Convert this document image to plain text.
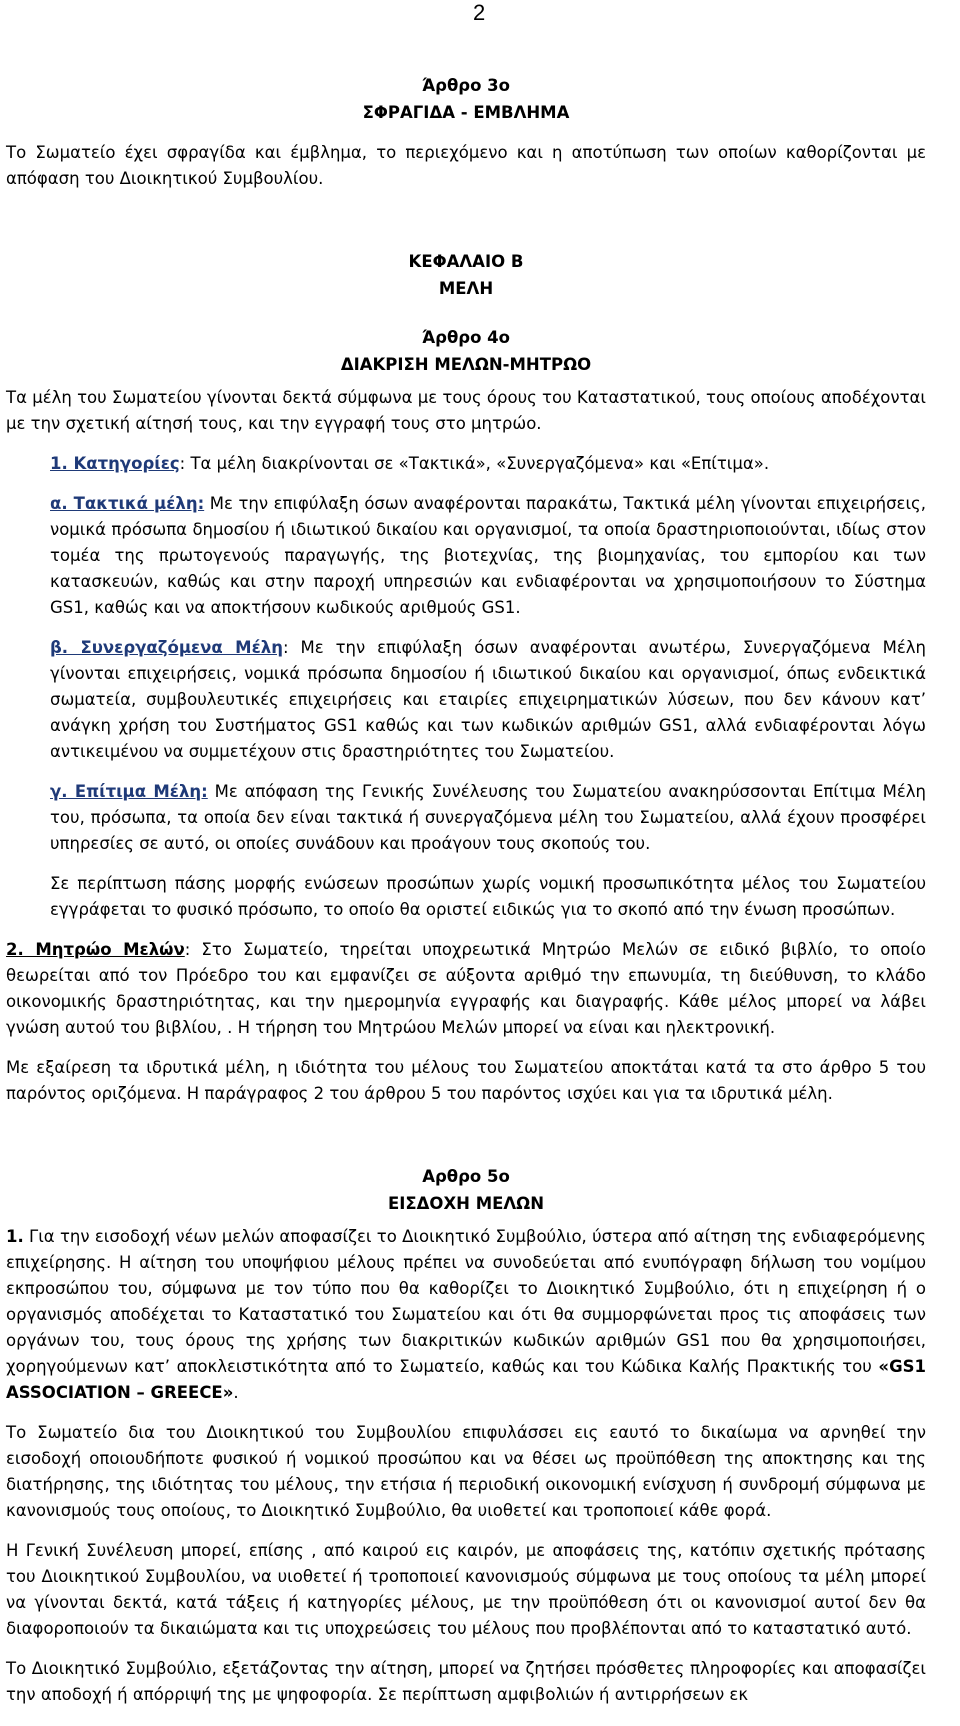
2
Άρθρο 3ο
ΣΦΡΑΓΙΔΑ - ΕΜΒΛΗΜΑ

Το Σωματείο έχει σφραγίδα και έμβλημα, το περιεχόμενο και η αποτύπωση των οποίων καθορίζονται με απόφαση του Διοικητικού Συμβουλίου.

ΚΕΦΑΛΑΙΟ Β
ΜΕΛΗ
Άρθρο 4ο
ΔΙΑΚΡΙΣΗ ΜΕΛΩΝ-ΜΗΤΡΩΟ

Τα μέλη του Σωματείου γίνονται δεκτά σύμφωνα με τους όρους του Καταστατικού, τους οποίους αποδέχονται με την σχετική αίτησή τους, και την εγγραφή τους στο μητρώο.

1. Κατηγορίες: Τα μέλη διακρίνονται σε «Τακτικά», «Συνεργαζόμενα» και «Επίτιμα».

α. Τακτικά μέλη: Με την επιφύλαξη όσων αναφέρονται παρακάτω, Τακτικά μέλη γίνονται επιχειρήσεις, νομικά πρόσωπα δημοσίου ή ιδιωτικού δικαίου και οργανισμοί, τα οποία δραστηριοποιούνται, ιδίως στον τομέα της πρωτογενούς παραγωγής, της βιοτεχνίας, της βιομηχανίας, του εμπορίου και των κατασκευών, καθώς και στην παροχή υπηρεσιών και ενδιαφέρονται να χρησιμοποιήσουν το Σύστημα GS1, καθώς και να αποκτήσουν κωδικούς αριθμούς GS1.

β. Συνεργαζόμενα Μέλη: Με την επιφύλαξη όσων αναφέρονται ανωτέρω, Συνεργαζόμενα Μέλη γίνονται επιχειρήσεις, νομικά πρόσωπα δημοσίου ή ιδιωτικού δικαίου και οργανισμοί, όπως ενδεικτικά σωματεία, συμβουλευτικές επιχειρήσεις και εταιρίες επιχειρηματικών λύσεων, που δεν κάνουν κατ’ ανάγκη χρήση του Συστήματος GS1 καθώς και των κωδικών αριθμών GS1, αλλά ενδιαφέρονται λόγω αντικειμένου να συμμετέχουν στις δραστηριότητες του Σωματείου.

γ. Επίτιμα Μέλη: Με απόφαση της Γενικής Συνέλευσης του Σωματείου ανακηρύσσονται Επίτιμα Μέλη του, πρόσωπα, τα οποία δεν είναι τακτικά ή συνεργαζόμενα μέλη του Σωματείου, αλλά έχουν προσφέρει υπηρεσίες σε αυτό, οι οποίες συνάδουν και προάγουν τους σκοπούς του.

Σε περίπτωση πάσης μορφής ενώσεων προσώπων χωρίς νομική προσωπικότητα μέλος του Σωματείου εγγράφεται το φυσικό πρόσωπο, το οποίο θα οριστεί ειδικώς για το σκοπό από την ένωση προσώπων.

2. Μητρώο Μελών: Στο Σωματείο, τηρείται υποχρεωτικά Μητρώο Μελών σε ειδικό βιβλίο, το οποίο θεωρείται από τον Πρόεδρο του και εμφανίζει σε αύξοντα αριθμό την επωνυμία, τη διεύθυνση, το κλάδο οικονομικής δραστηριότητας, και την ημερομηνία εγγραφής και διαγραφής. Κάθε μέλος μπορεί να λάβει γνώση αυτού του βιβλίου, . Η τήρηση του Μητρώου Μελών μπορεί να είναι και ηλεκτρονική.

Με εξαίρεση τα ιδρυτικά μέλη, η ιδιότητα του μέλους του Σωματείου αποκτάται κατά τα στο άρθρο 5 του παρόντος οριζόμενα. Η παράγραφος 2 του άρθρου 5 του παρόντος ισχύει και για τα ιδρυτικά μέλη.

Αρθρο 5ο
ΕΙΣΔΟΧΗ ΜΕΛΩΝ

1. Για την εισοδοχή νέων μελών αποφασίζει το Διοικητικό Συμβούλιο, ύστερα από αίτηση της ενδιαφερόμενης επιχείρησης. Η αίτηση του υποψήφιου μέλους πρέπει να συνοδεύεται από ενυπόγραφη δήλωση του νομίμου εκπροσώπου του, σύμφωνα με τον τύπο που θα καθορίζει το Διοικητικό Συμβούλιο, ότι η επιχείρηση ή ο οργανισμός αποδέχεται το Καταστατικό του Σωματείου και ότι θα συμμορφώνεται προς τις αποφάσεις των οργάνων του, τους όρους της χρήσης των διακριτικών κωδικών αριθμών GS1 που θα χρησιμοποιήσει, χορηγούμενων κατ’ αποκλειστικότητα από το Σωματείο, καθώς και του Κώδικα Καλής Πρακτικής του «GS1 ASSOCIATION – GREECE».

Το Σωματείο δια του Διοικητικού του Συμβουλίου επιφυλάσσει εις εαυτό το δικαίωμα να αρνηθεί την εισοδοχή οποιουδήποτε φυσικού ή νομικού προσώπου και να θέσει ως προϋπόθεση της αποκτησης και της διατήρησης, της ιδιότητας του μέλους, την ετήσια ή περιοδική οικονομική ενίσχυση ή συνδρομή σύμφωνα με κανονισμούς τους οποίους, το Διοικητικό Συμβούλιο, θα υιοθετεί και τροποποιεί κάθε φορά.

Η Γενική Συνέλευση μπορεί, επίσης , από καιρού εις καιρόν, με αποφάσεις της, κατόπιν σχετικής πρότασης του Διοικητικού Συμβουλίου, να υιοθετεί ή τροποποιεί κανονισμούς σύμφωνα με τους οποίους τα μέλη μπορεί να γίνονται δεκτά, κατά τάξεις ή κατηγορίες μέλους, με την προϋπόθεση ότι οι κανονισμοί αυτοί δεν θα διαφοροποιούν τα δικαιώματα και τις υποχρεώσεις του μέλους που προβλέπονται από το καταστατικό αυτό.

Το Διοικητικό Συμβούλιο, εξετάζοντας την αίτηση, μπορεί να ζητήσει πρόσθετες πληροφορίες και αποφασίζει την αποδοχή ή απόρριψή της με ψηφοφορία. Σε περίπτωση αμφιβολιών ή αντιρρήσεων εκ
